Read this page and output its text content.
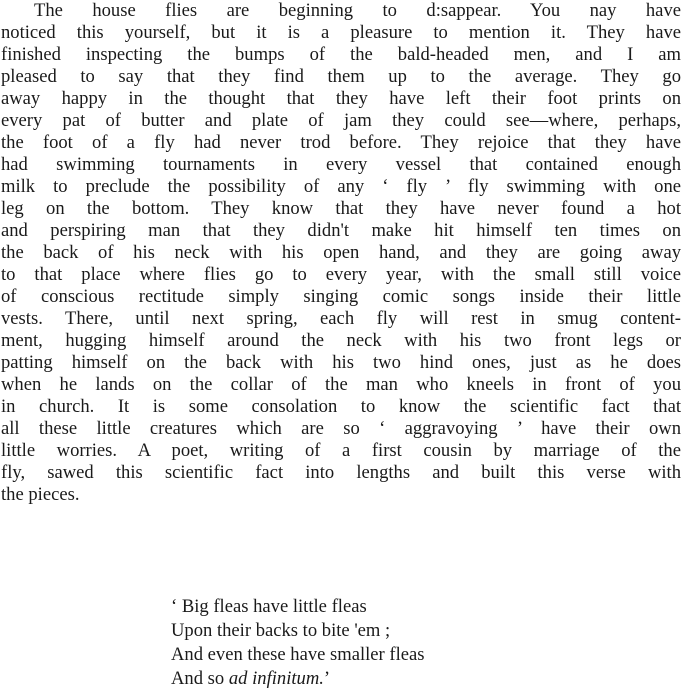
The house flies are beginning to d:sappear. You nay have
noticed this yourself, but it is a pleasure to mention it. They have
finished inspecting the bumps of the bald-headed men, and I am
pleased to say that they find them up to the average. They go
away happy in the thought that they have left their foot prints on
every pat of butter and plate of jam they could see—where, perhaps,
the foot of a fly had never trod before. They rejoice that they have
had swimming tournaments in every vessel that contained enough
milk to preclude the possibility of any ‘ fly ’ fly swimming with one
leg on the bottom. They know that they have never found a hot
and perspiring man that they didn't make hit himself ten times on
the back of his neck with his open hand, and they are going away
to that place where flies go to every year, with the small still voice
of conscious rectitude simply singing comic songs inside their little
vests. There, until next spring, each fly will rest in smug content-
ment, hugging himself around the neck with his two front legs or
patting himself on the back with his two hind ones, just as he does
when he lands on the collar of the man who kneels in front of you
in church. It is some consolation to know the scientific fact that
all these little creatures which are so ‘ aggravoying ’ have their own
little worries. A poet, writing of a first cousin by marriage of the
fly, sawed this scientific fact into lengths and built this verse with
the pieces.
‘ Big fleas have little fleas
Upon their backs to bite 'em ;
And even these have smaller fleas
And so ad infinitum.’
